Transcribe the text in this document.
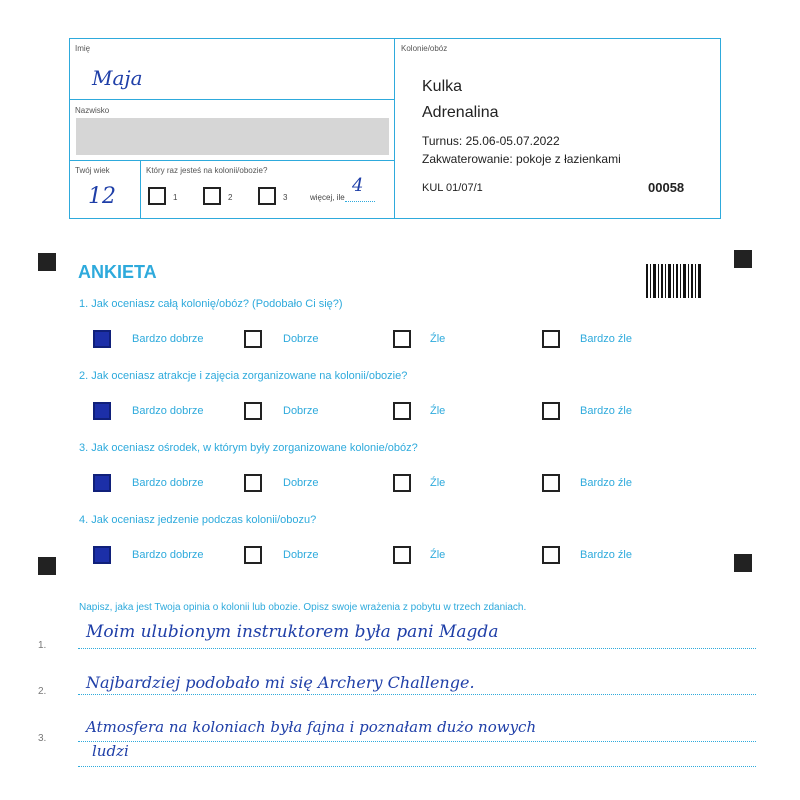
Imię
Maja
Nazwisko
Twój wiek
12
Który raz jesteś na kolonii/obozie?
1	2	3	więcej, ile
4
Kolonie/obóz
Kulka
Adrenalina
Turnus: 25.06-05.07.2022
Zakwaterowanie: pokoje z łazienkami
KUL 01/07/1	00058
ANKIETA
1. Jak oceniasz całą kolonię/obóz? (Podobało Ci się?)
Bardzo dobrze	Dobrze	Źle	Bardzo źle
2. Jak oceniasz atrakcje i zajęcia zorganizowane na kolonii/obozie?
Bardzo dobrze	Dobrze	Źle	Bardzo źle
3. Jak oceniasz ośrodek, w którym były zorganizowane kolonie/obóz?
Bardzo dobrze	Dobrze	Źle	Bardzo źle
4. Jak oceniasz jedzenie podczas kolonii/obozu?
Bardzo dobrze	Dobrze	Źle	Bardzo źle
Napisz, jaka jest Twoja opinia o kolonii lub obozie. Opisz swoje wrażenia z pobytu w trzech zdaniach.
1.
Moim ulubionym instruktorem była pani Magda
2. Najbardziej podobało mi się Archery Challenge.
3.
Atmosfera na koloniach była fajna i poznałam dużo nowych
ludzi
